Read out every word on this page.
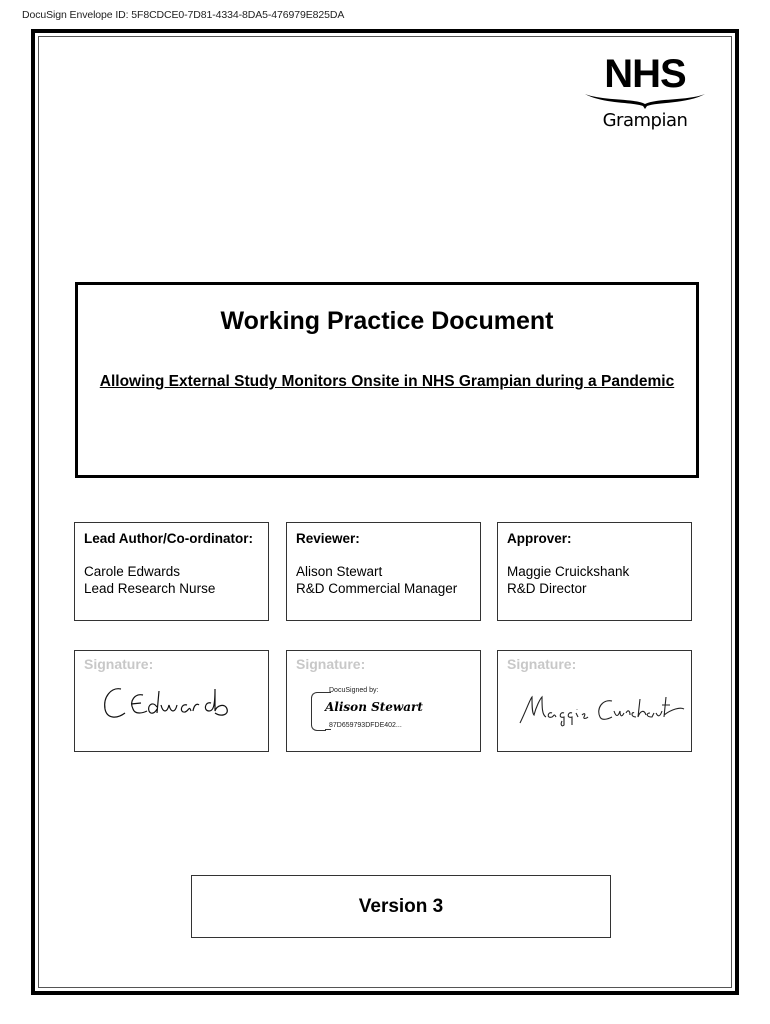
DocuSign Envelope ID: 5F8CDCE0-7D81-4334-8DA5-476979E825DA
NHS
Grampian
Working Practice Document
Allowing External Study Monitors Onsite in NHS Grampian during a Pandemic
Lead Author/Co-ordinator:
Carole Edwards
Lead Research Nurse
Reviewer:
Alison Stewart
R&D Commercial Manager
Approver:
Maggie Cruickshank
R&D Director
Signature:	Signature:
DocuSigned by:
Alison Stewart
87D659793DFDE402...
Signature:
Version 3
